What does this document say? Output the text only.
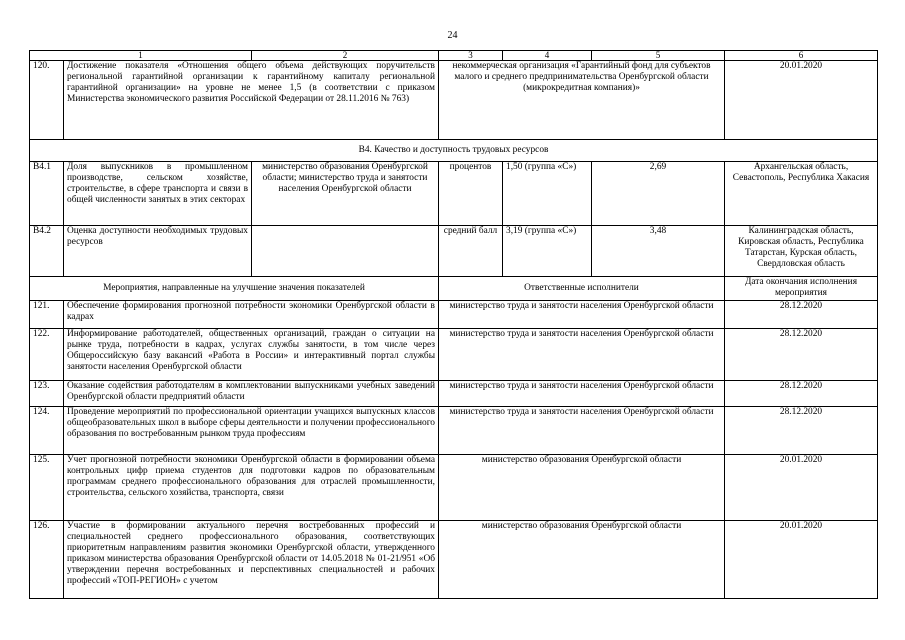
24
1		2	3	4	5	6
120.	Достижение показателя «Отношения общего объема действующих поручительств региональной гарантийной организации к гарантийному капиталу региональной гарантийной организации» на уровне не менее 1,5 (в соответствии с приказом Министерства экономического развития Российской Федерации от 28.11.2016 № 763)		некоммерческая организация «Гарантийный фонд для субъектов малого и среднего предпринимательства Оренбургской области (микрокредитная компания)»			20.01.2020
В4. Качество и доступность трудовых ресурсов						
В4.1	Доля выпускников в промышленном производстве, сельском хозяйстве, строительстве, в сфере транспорта и связи в общей численности занятых в этих секторах	министерство образования Оренбургской области; министерство труда и занятости населения Оренбургской области	процентов	1,50 (группа «С»)	2,69	Архангельская область, Севастополь, Республика Хакасия
В4.2	Оценка доступности необходимых трудовых ресурсов		средний балл	3,19 (группа «С»)	3,48	Калининградская область, Кировская область, Республика Татарстан, Курская область, Свердловская область
Мероприятия, направленные на улучшение значения показателей			Ответственные исполнители			Дата окончания исполнения мероприятия
121.	Обеспечение формирования прогнозной потребности экономики Оренбургской области в кадрах		министерство труда и занятости населения Оренбургской области			28.12.2020
122.	Информирование работодателей, общественных организаций, граждан о ситуации на рынке труда, потребности в кадрах, услугах службы занятости, в том числе через Общероссийскую базу вакансий «Работа в России» и интерактивный портал службы занятости населения Оренбургской области		министерство труда и занятости населения Оренбургской области			28.12.2020
123.	Оказание содействия работодателям в комплектовании выпускниками учебных заведений Оренбургской области предприятий области		министерство труда и занятости населения Оренбургской области			28.12.2020
124.	Проведение мероприятий по профессиональной ориентации учащихся выпускных классов общеобразовательных школ в выборе сферы деятельности и получении профессионального образования по востребованным рынком труда профессиям		министерство труда и занятости населения Оренбургской области			28.12.2020
125.	Учет прогнозной потребности экономики Оренбургской области в формировании объема контрольных цифр приема студентов для подготовки кадров по образовательным программам среднего профессионального образования для отраслей промышленности, строительства, сельского хозяйства, транспорта, связи		министерство образования Оренбургской области			20.01.2020
126.	Участие в формировании актуального перечня востребованных профессий и специальностей среднего профессионального образования, соответствующих приоритетным направлениям развития экономики Оренбургской области, утвержденного приказом министерства образования Оренбургской области от 14.05.2018 № 01-21/951 «Об утверждении перечня востребованных и перспективных специальностей и рабочих профессий «ТОП-РЕГИОН» с учетом		министерство образования Оренбургской области			20.01.2020
